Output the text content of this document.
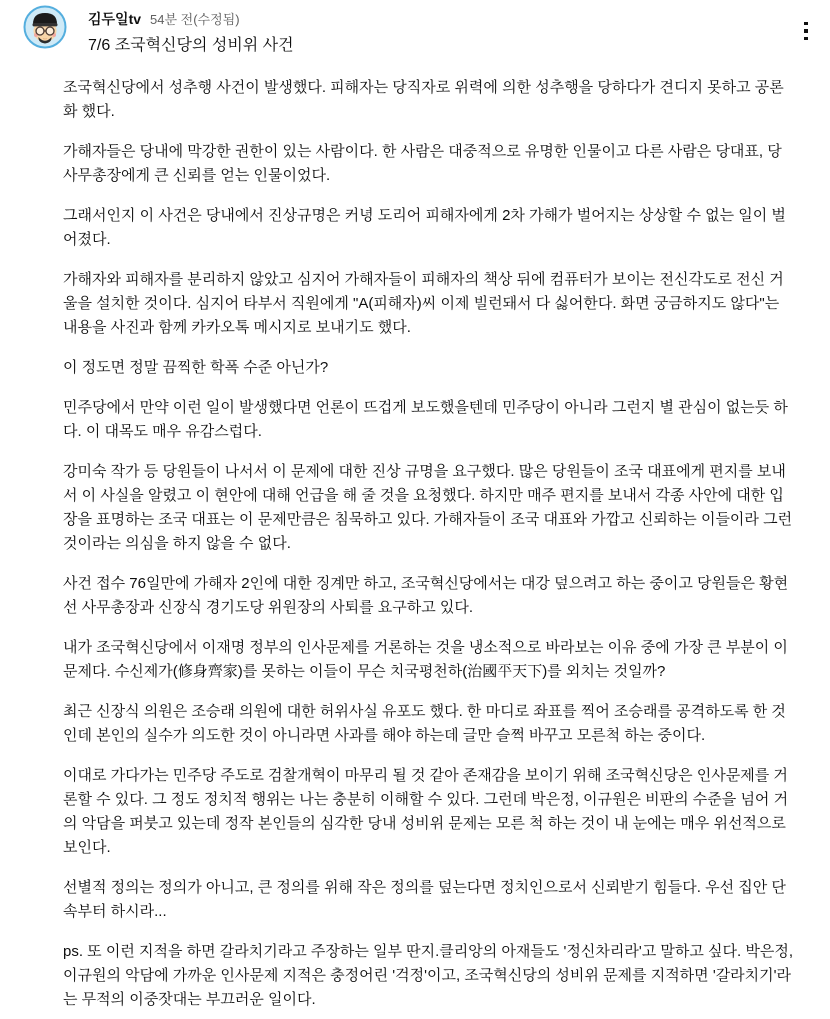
김두일tv 54분 전(수정됨)
7/6 조국혁신당의 성비위 사건

조국혁신당에서 성추행 사건이 발생했다. 피해자는 당직자로 위력에 의한 성추행을 당하다가 견디지 못하고 공론화 했다.

가해자들은 당내에 막강한 권한이 있는 사람이다. 한 사람은 대중적으로 유명한 인물이고 다른 사람은 당대표, 당사무총장에게 큰 신뢰를 얻는 인물이었다.

그래서인지 이 사건은 당내에서 진상규명은 커녕 도리어 피해자에게 2차 가해가 벌어지는 상상할 수 없는 일이 벌어졌다.

가해자와 피해자를 분리하지 않았고 심지어 가해자들이 피해자의 책상 뒤에 컴퓨터가 보이는 전신각도로 전신 거울을 설치한 것이다. 심지어 타부서 직원에게 "A(피해자)씨 이제 빌런돼서 다 싫어한다. 화면 궁금하지도 않다"는 내용을 사진과 함께 카카오톡 메시지로 보내기도 했다.

이 정도면 정말 끔찍한 학폭 수준 아닌가?

민주당에서 만약 이런 일이 발생했다면 언론이 뜨겁게 보도했을텐데 민주당이 아니라 그런지 별 관심이 없는듯 하다. 이 대목도 매우 유감스럽다.

강미숙 작가 등 당원들이 나서서 이 문제에 대한 진상 규명을 요구했다. 많은 당원들이 조국 대표에게 편지를 보내서 이 사실을 알렸고 이 현안에 대해 언급을 해 줄 것을 요청했다. 하지만 매주 편지를 보내서 각종 사안에 대한 입장을 표명하는 조국 대표는 이 문제만큼은 침묵하고 있다. 가해자들이 조국 대표와 가깝고 신뢰하는 이들이라 그런 것이라는 의심을 하지 않을 수 없다.

사건 접수 76일만에 가해자 2인에 대한 징계만 하고, 조국혁신당에서는 대강 덮으려고 하는 중이고 당원들은 황현선 사무총장과 신장식 경기도당 위원장의 사퇴를 요구하고 있다.

내가 조국혁신당에서 이재명 정부의 인사문제를 거론하는 것을 냉소적으로 바라보는 이유 중에 가장 큰 부분이 이 문제다. 수신제가(修身齊家)를 못하는 이들이 무슨 치국평천하(治國平天下)를 외치는 것일까?

최근 신장식 의원은 조승래 의원에 대한 허위사실 유포도 했다. 한 마디로 좌표를 찍어 조승래를 공격하도록 한 것인데 본인의 실수가 의도한 것이 아니라면 사과를 해야 하는데 글만 슬쩍 바꾸고 모른척 하는 중이다.

이대로 가다가는 민주당 주도로 검찰개혁이 마무리 될 것 같아 존재감을 보이기 위해 조국혁신당은 인사문제를 거론할 수 있다. 그 정도 정치적 행위는 나는 충분히 이해할 수 있다. 그런데 박은정, 이규원은 비판의 수준을 넘어 거의 악담을 퍼붓고 있는데 정작 본인들의 심각한 당내 성비위 문제는 모른 척 하는 것이 내 눈에는 매우 위선적으로 보인다.

선별적 정의는 정의가 아니고, 큰 정의를 위해 작은 정의를 덮는다면 정치인으로서 신뢰받기 힘들다. 우선 집안 단속부터 하시라...

ps. 또 이런 지적을 하면 갈라치기라고 주장하는 일부 딴지.클리앙의 아재들도 '정신차리라'고 말하고 싶다. 박은정, 이규원의 악담에 가까운 인사문제 지적은 충정어린 '걱정'이고, 조국혁신당의 성비위 문제를 지적하면 '갈라치기'라는 무적의 이중잣대는 부끄러운 일이다.
